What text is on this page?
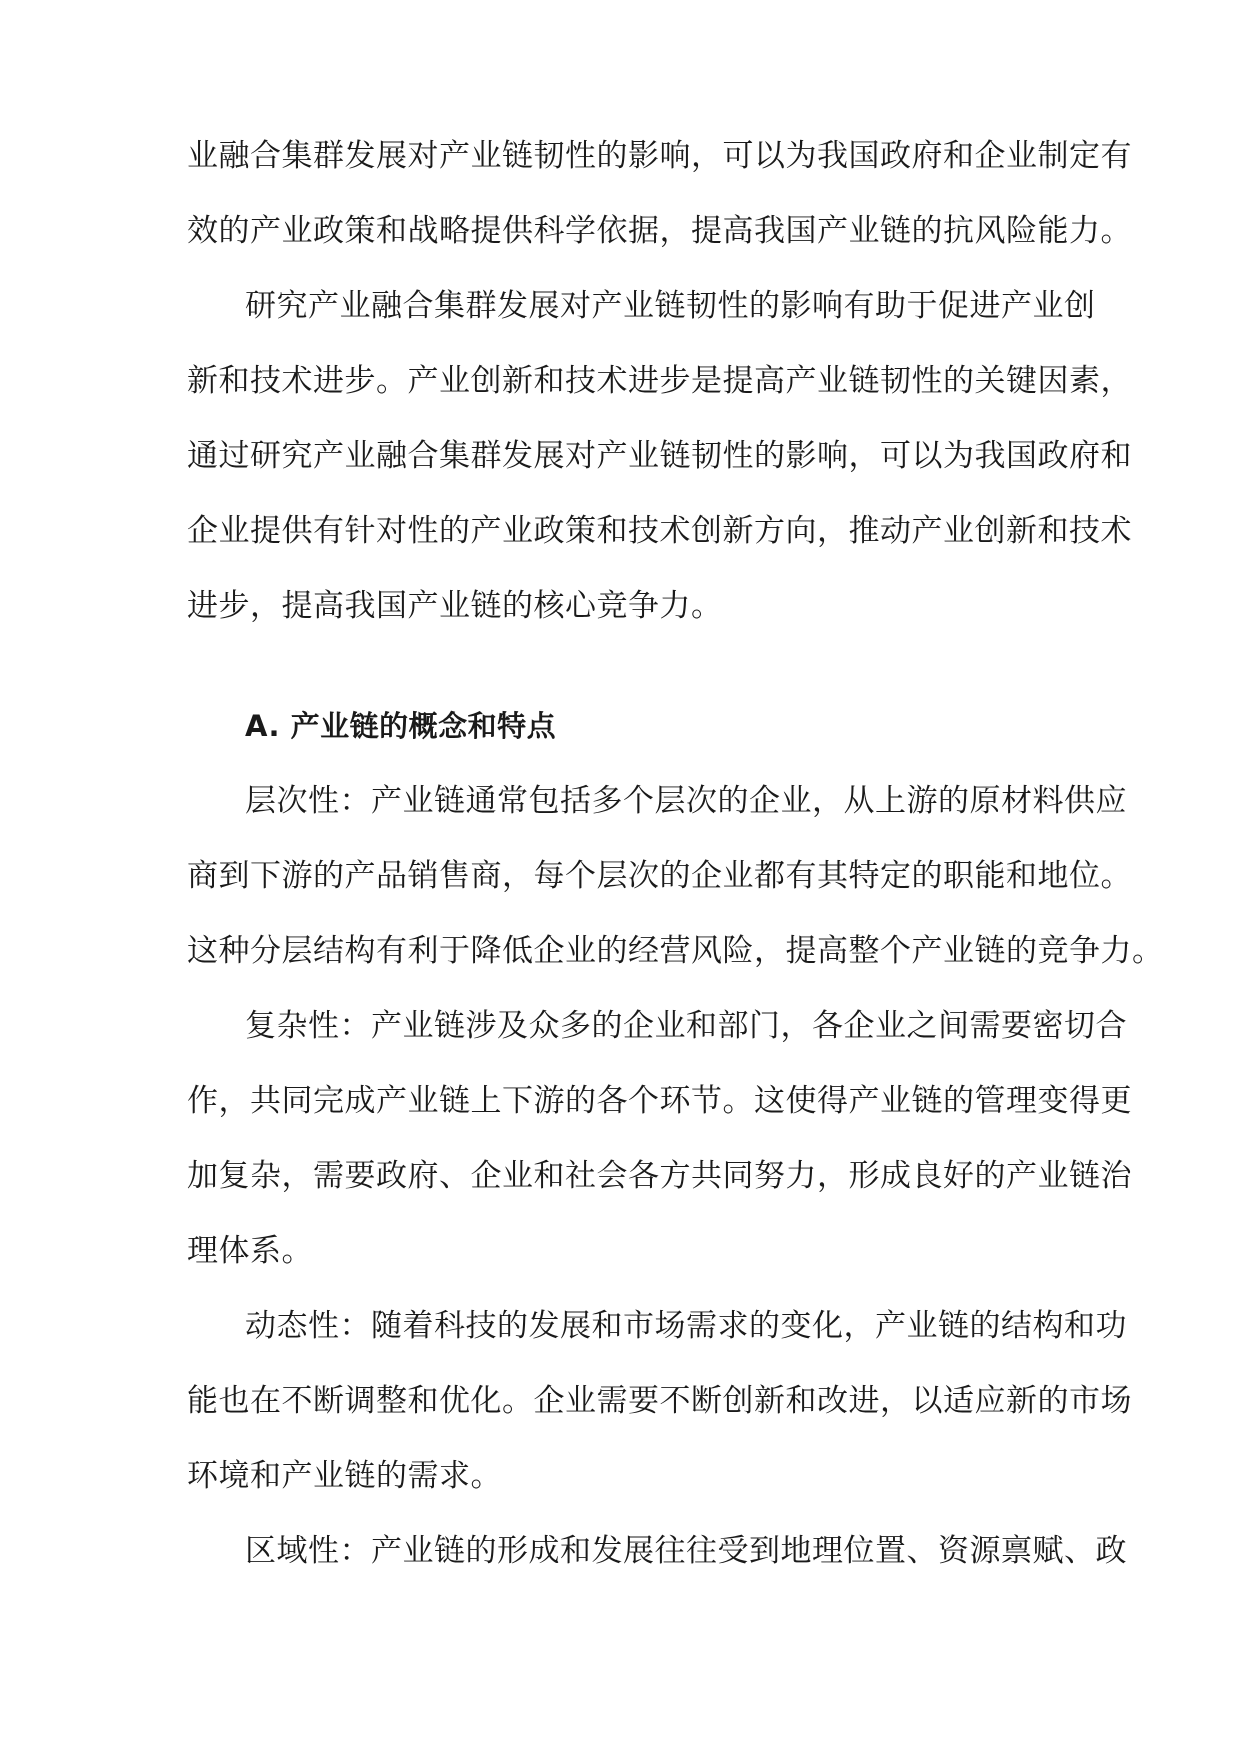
业融合集群发展对产业链韧性的影响，可以为我国政府和企业制定有
效的产业政策和战略提供科学依据，提高我国产业链的抗风险能力。
研究产业融合集群发展对产业链韧性的影响有助于促进产业创
新和技术进步。产业创新和技术进步是提高产业链韧性的关键因素，
通过研究产业融合集群发展对产业链韧性的影响，可以为我国政府和
企业提供有针对性的产业政策和技术创新方向，推动产业创新和技术
进步，提高我国产业链的核心竞争力。
A. 产业链的概念和特点
层次性：产业链通常包括多个层次的企业，从上游的原材料供应
商到下游的产品销售商，每个层次的企业都有其特定的职能和地位。
这种分层结构有利于降低企业的经营风险，提高整个产业链的竞争力。
复杂性：产业链涉及众多的企业和部门，各企业之间需要密切合
作，共同完成产业链上下游的各个环节。这使得产业链的管理变得更
加复杂，需要政府、企业和社会各方共同努力，形成良好的产业链治
理体系。
动态性：随着科技的发展和市场需求的变化，产业链的结构和功
能也在不断调整和优化。企业需要不断创新和改进，以适应新的市场
环境和产业链的需求。
区域性：产业链的形成和发展往往受到地理位置、资源禀赋、政
